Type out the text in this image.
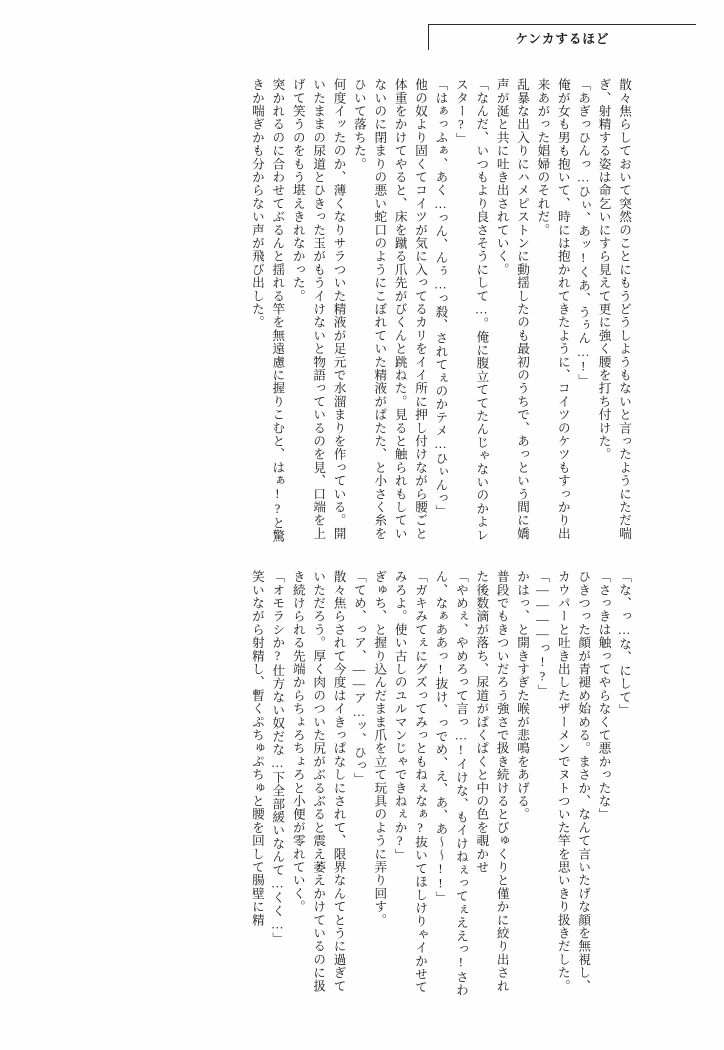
ケンカするほど

散々焦らしておいて突然のことにもうどうしようもないと言ったようにただ喘ぎ、射精する姿は命乞いにすら見えて更に強く腰を打ち付けた。

「あぎっひんっ…ひぃ、あッ!くあ、うぅん…!」

俺が女も男も抱いて、時には抱かれてきたように、コイツのケツもすっかり出来あがった娼婦のそれだ。

乱暴な出入りにハメピストンに動揺したのも最初のうちで、あっという間に嬌声が涎と共に吐き出されていく。

「なんだ、いつもより良さそうにして…。俺に腹立ててたんじゃないのかよレスター?」

「はぁっふぁ、あく…っん、んぅ…っ殺、されてぇのかテメ…ひぃんっ」

他の奴より固くてコイツが気に入ってるカリをイイ所に押し付けながら腰ごと体重をかけてやると、床を蹴る爪先がびくんと跳ねた。見ると触られもしていないのに閉まりの悪い蛇口のようにこぼれていた精液がぱたた、と小さく糸をひいて落ちた。

何度イッたのか、薄くなりサラついた精液が足元で水溜まりを作っている。開いたままの尿道とひきった玉がもうイけないと物語っているのを見、口端を上げて笑うのをもう堪えきれなかった。

突かれるのに合わせてぶるんと揺れる竿を無遠慮に握りこむと、はぁ!?と驚きか喘ぎかも分からない声が飛び出した。

「な、っ…な、にして」

「さっきは触ってやらなくて悪かったな」

ひきつった顔が青褪め始める。まさか、なんて言いたげな顔を無視し、カウパーと吐き出したザーメンでヌトついた竿を思いきり扱きだした。

「――――っ!?」

かはっ、と開きすぎた喉が悲鳴をあげる。

普段でもきついだろう強さで扱き続けるとびゅくりと僅かに絞り出された後数滴が落ち、尿道がぱくぱくと中の色を覗かせ

「やめぇ、やめろって言っ…!イけな、もイけねぇってぇええっ!さわん、なぁああっ!抜け、っでめ、え、あ、あ〜〜!!」

「ガキみてぇにグズってみっともねぇなぁ?抜いてほしけりゃイかせてみろよ。使い古しのユルマンじゃできねぇか?」

ぎゅち、と握り込んだまま爪を立て玩具のように弄り回す。

「てめ、っア、――ア…ッ、ひっ」

散々焦らされて今度はイきっぱなしにされて、限界なんてとうに過ぎていただろう。厚く肉のついた尻がぶるぶると震え萎えかけているのに扱き続けられる先端からちょろちょろと小便が零れていく。

「オモラシか?仕方ない奴だな…下全部緩いなんて…くく…」

笑いながら射精し、暫くぷちゅぷちゅと腰を回して腸壁に精
